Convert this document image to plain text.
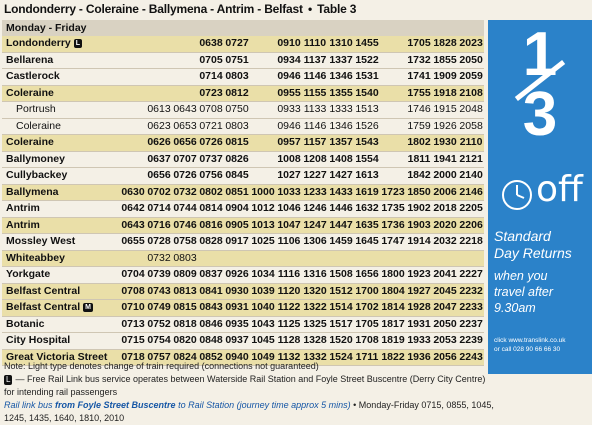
Londonderry - Coleraine - Ballymena - Antrim - Belfast • Table 3
Monday - Friday														
Londonderry L				0638	0727		0910	1110	1310	1455		1705	1828	2023
Bellarena				0705	0751		0934	1137	1337	1522		1732	1855	2050
Castlerock				0714	0803		0946	1146	1346	1531		1741	1909	2059
Coleraine				0723	0812		0955	1155	1355	1540		1755	1918	2108
Portrush		0613	0643	0708	0750		0933	1133	1333	1513		1746	1915	2048
Coleraine		0623	0653	0721	0803		0946	1146	1346	1526		1759	1926	2058
Coleraine		0626	0656	0726	0815		0957	1157	1357	1543		1802	1930	2110
Ballymoney		0637	0707	0737	0826		1008	1208	1408	1554		1811	1941	2121
Cullybackey		0656	0726	0756	0845		1027	1227	1427	1613		1842	2000	2140
Ballymena	0630	0702	0732	0802	0851	1000	1033	1233	1433	1619	1723	1850	2006	2146
Antrim	0642	0714	0744	0814	0904	1012	1046	1246	1446	1632	1735	1902	2018	2205
Antrim	0643	0716	0746	0816	0905	1013	1047	1247	1447	1635	1736	1903	2020	2206
Mossley West	0655	0728	0758	0828	0917	1025	1106	1306	1459	1645	1747	1914	2032	2218
Whiteabbey		0732	0803											
Yorkgate	0704	0739	0809	0837	0926	1034	1116	1316	1508	1656	1800	1923	2041	2227
Belfast Central	0708	0743	0813	0841	0930	1039	1120	1320	1512	1700	1804	1927	2045	2232
Belfast Central M	0710	0749	0815	0843	0931	1040	1122	1322	1514	1702	1814	1928	2047	2233
Botanic	0713	0752	0818	0846	0935	1043	1125	1325	1517	1705	1817	1931	2050	2237
City Hospital	0715	0754	0820	0848	0937	1045	1128	1328	1520	1708	1819	1933	2053	2239
Great Victoria Street	0718	0757	0824	0852	0940	1049	1132	1332	1524	1711	1822	1936	2056	2243
Note: Light type denotes change of train required (connections not guaranteed)
L — Free Rail Link bus service operates between Waterside Rail Station and Foyle Street Buscentre (Derry City Centre) for intending rail passengers
Rail link bus from Foyle Street Buscentre to Rail Station (journey time approx 5 mins) • Monday-Friday 0715, 0855, 1045, 1245, 1435, 1640, 1810, 2010
1
3
off
Standard
Day Returns
when you
travel after
9.30am
click www.translink.co.uk
or call 028 90 66 66 30
